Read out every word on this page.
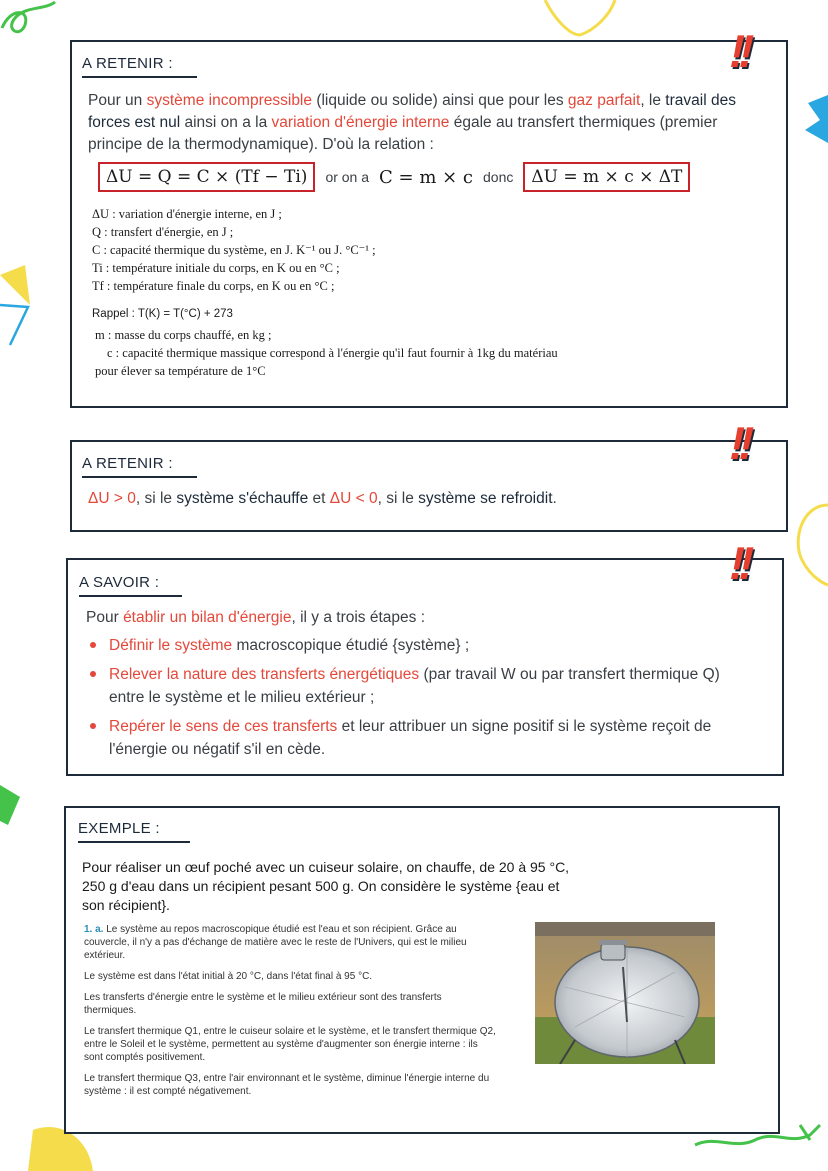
A RETENIR :	!!
Pour un système incompressible (liquide ou solide) ainsi que pour les gaz parfait, le travail des forces est nul ainsi on a la variation d'énergie interne égale au transfert thermiques (premier principe de la thermodynamique). D'où la relation :
ΔU = Q = C × (Tf − Ti)	or on a C = m × c donc	ΔU = m × c × ΔT
ΔU : variation d'énergie interne, en J ;
Q : transfert d'énergie, en J ;
C : capacité thermique du système, en J. K⁻¹ ou J. °C⁻¹ ;
Ti : température initiale du corps, en K ou en °C ;
Tf : température finale du corps, en K ou en °C ;
Rappel : T(K) = T(°C) + 273
m : masse du corps chauffé, en kg ;
c : capacité thermique massique correspond à l'énergie qu'il faut fournir à 1kg du matériau
pour élever sa température de 1°C
A RETENIR :	!!
ΔU > 0, si le système s'échauffe et ΔU < 0, si le système se refroidit.
A SAVOIR :	!!
Pour établir un bilan d'énergie, il y a trois étapes :
Définir le système macroscopique étudié {système} ;
Relever la nature des transferts énergétiques (par travail W ou par transfert thermique Q) entre le système et le milieu extérieur ;
Repérer le sens de ces transferts et leur attribuer un signe positif si le système reçoit de l'énergie ou négatif s'il en cède.
EXEMPLE :
Pour réaliser un œuf poché avec un cuiseur solaire, on chauffe, de 20 à 95 °C, 250 g d'eau dans un récipient pesant 500 g. On considère le système {eau et son récipient}.

1. a. Le système au repos macroscopique étudié est l'eau et son récipient. Grâce au couvercle, il n'y a pas d'échange de matière avec le reste de l'Univers, qui est le milieu extérieur.

Le système est dans l'état initial à 20 °C, dans l'état final à 95 °C.

Les transferts d'énergie entre le système et le milieu extérieur sont des transferts thermiques.

Le transfert thermique Q1, entre le cuiseur solaire et le système, et le transfert thermique Q2, entre le Soleil et le système, permettent au système d'augmenter son énergie interne : ils sont comptés positivement.

Le transfert thermique Q3, entre l'air environnant et le système, diminue l'énergie interne du système : il est compté négativement.
